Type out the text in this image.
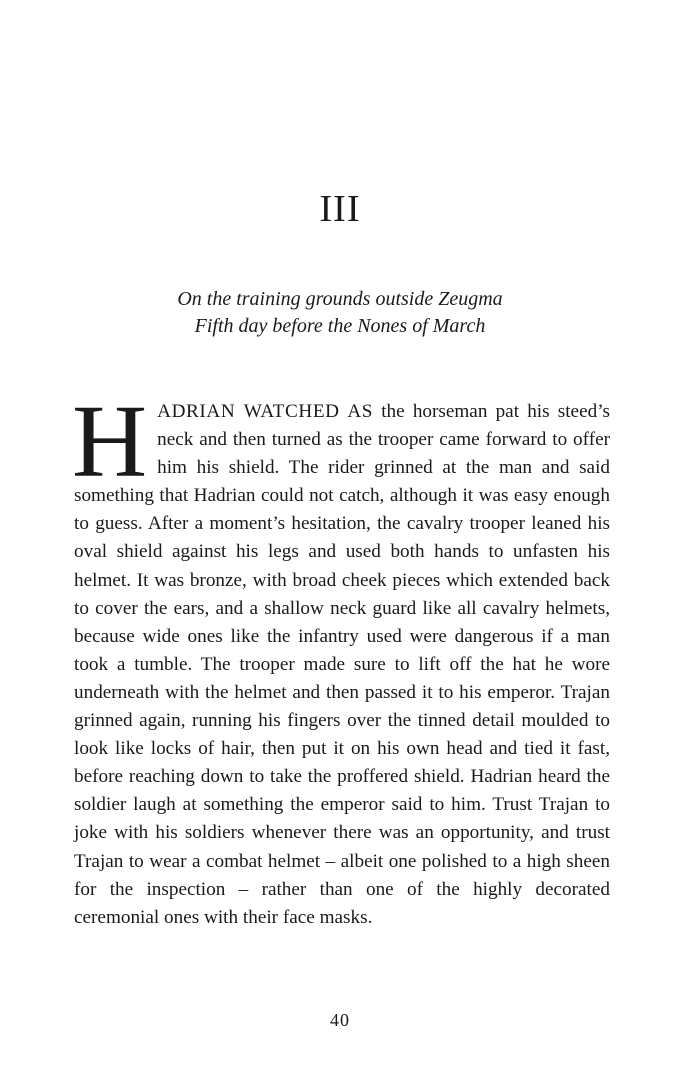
III
On the training grounds outside Zeugma
Fifth day before the Nones of March
HADRIAN WATCHED AS the horseman pat his steed’s neck and then turned as the trooper came forward to offer him his shield. The rider grinned at the man and said something that Hadrian could not catch, although it was easy enough to guess. After a moment’s hesitation, the cavalry trooper leaned his oval shield against his legs and used both hands to unfasten his helmet. It was bronze, with broad cheek pieces which extended back to cover the ears, and a shallow neck guard like all cavalry helmets, because wide ones like the infantry used were dangerous if a man took a tumble. The trooper made sure to lift off the hat he wore underneath with the helmet and then passed it to his emperor. Trajan grinned again, running his fingers over the tinned detail moulded to look like locks of hair, then put it on his own head and tied it fast, before reaching down to take the proffered shield. Hadrian heard the soldier laugh at something the emperor said to him. Trust Trajan to joke with his soldiers whenever there was an opportunity, and trust Trajan to wear a combat helmet – albeit one polished to a high sheen for the inspection – rather than one of the highly decorated ceremonial ones with their face masks.
40
